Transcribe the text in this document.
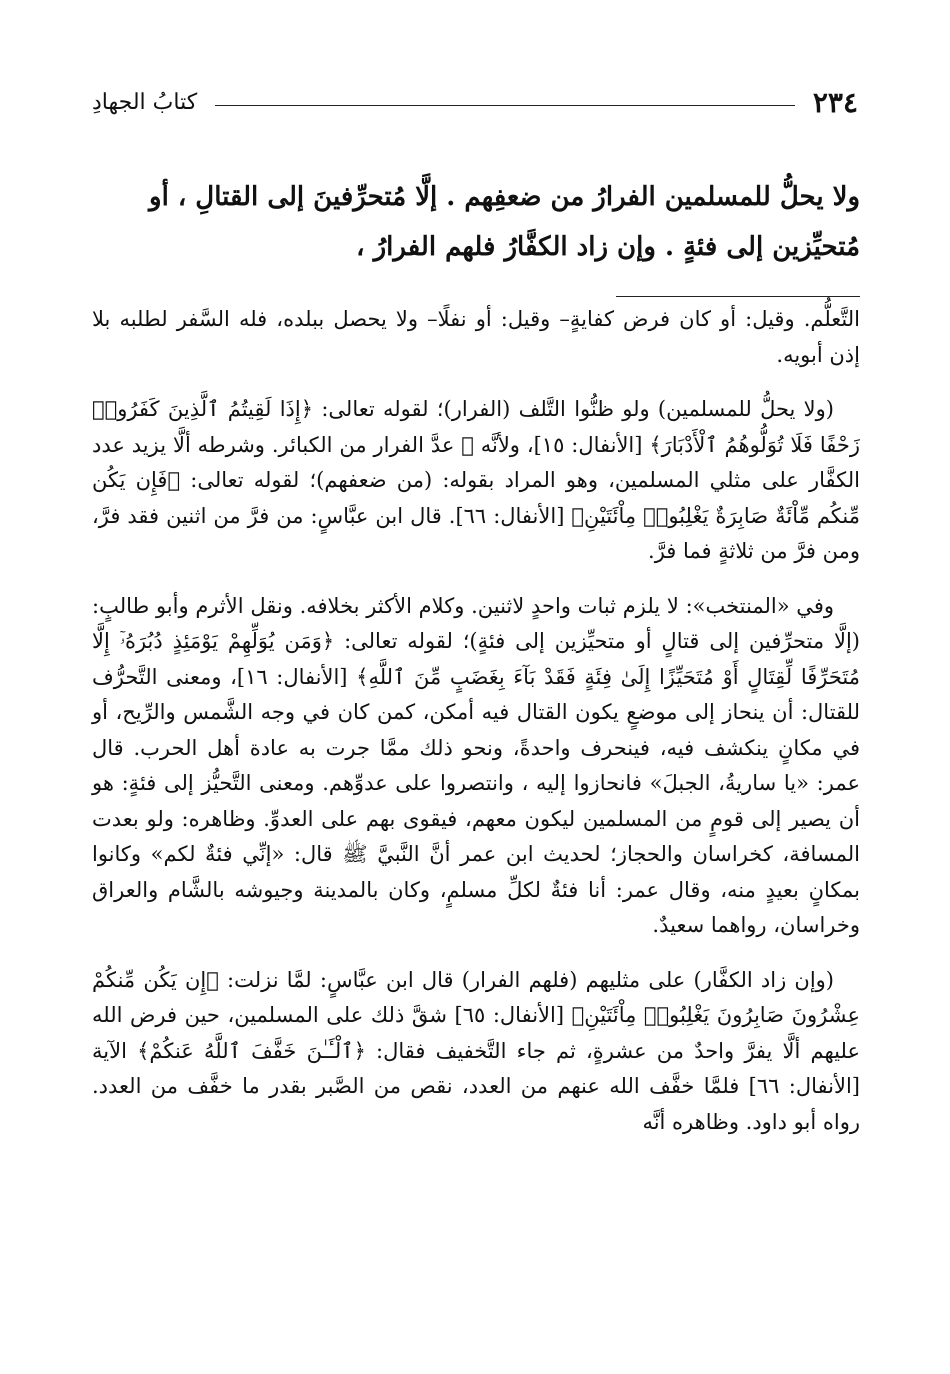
٢٣٤
كتابُ الجهادِ

ولا يحلُّ للمسلمين الفرارُ من ضعفِهم . إلَّا مُتحرِّفينَ إلى القتالِ ، أو

مُتحيِّزين إلى فئةٍ . وإن زاد الكفَّارُ فلهم الفرارُ ،

التَّعلُّم. وقيل: أو كان فرض كفايةٍ– وقيل: أو نفلًا– ولا يحصل ببلده، فله السَّفر لطلبه بلا إذن أبويه.

(ولا يحلُّ للمسلمين) ولو ظنُّوا التَّلف (الفرار)؛ لقوله تعالى: ﴿إِذَا لَقِيتُمُ ٱلَّذِينَ كَفَرُوا۟ زَحْفًا فَلَا تُوَلُّوهُمُ ٱلْأَدْبَارَ﴾ [الأنفال: ١٥]، ولأنَّه ﷺ عدَّ الفرار من الكبائر. وشرطه ألَّا يزيد عدد الكفَّار على مثلي المسلمين، وهو المراد بقوله: (من ضعفهم)؛ لقوله تعالى: ﴿فَإِن يَكُن مِّنكُم مِّاْئَةٌ صَابِرَةٌ يَغْلِبُوا۟ مِاْئَتَيْنِ﴾ [الأنفال: ٦٦]. قال ابن عبَّاسٍ: من فرَّ من اثنين فقد فرَّ، ومن فرَّ من ثلاثةٍ فما فرَّ.

وفي «المنتخب»: لا يلزم ثبات واحدٍ لاثنين. وكلام الأكثر بخلافه. ونقل الأثرم وأبو طالبٍ: (إلَّا متحرِّفين إلى قتالٍ أو متحيِّزين إلى فئةٍ)؛ لقوله تعالى: ﴿وَمَن يُوَلِّهِمْ يَوْمَئِذٍ دُبُرَهُۥٓ إِلَّا مُتَحَرِّفًا لِّقِتَالٍ أَوْ مُتَحَيِّزًا إِلَىٰ فِئَةٍ فَقَدْ بَآءَ بِغَضَبٍ مِّنَ ٱللَّهِ﴾ [الأنفال: ١٦]، ومعنى التَّحرُّف للقتال: أن ينحاز إلى موضعٍ يكون القتال فيه أمكن، كمن كان في وجه الشَّمس والرِّيح، أو في مكانٍ ينكشف فيه، فينحرف واحدةً، ونحو ذلك ممَّا جرت به عادة أهل الحرب. قال عمر: «يا ساريةُ، الجبلَ» فانحازوا إليه ، وانتصروا على عدوِّهم. ومعنى التَّحيُّز إلى فئةٍ: هو أن يصير إلى قومٍ من المسلمين ليكون معهم، فيقوى بهم على العدوِّ. وظاهره: ولو بعدت المسافة، كخراسان والحجاز؛ لحديث ابن عمر أنَّ النَّبيَّ ﷺ قال: «إنِّي فئةٌ لكم» وكانوا بمكانٍ بعيدٍ منه، وقال عمر: أنا فئةٌ لكلِّ مسلمٍ، وكان بالمدينة وجيوشه بالشَّام والعراق وخراسان، رواهما سعيدٌ.

(وإن زاد الكفَّار) على مثليهم (فلهم الفرار) قال ابن عبَّاسٍ: لمَّا نزلت: ﴿إِن يَكُن مِّنكُمْ عِشْرُونَ صَابِرُونَ يَغْلِبُوا۟ مِاْئَتَيْنِ﴾ [الأنفال: ٦٥] شقَّ ذلك على المسلمين، حين فرض الله عليهم ألَّا يفرَّ واحدٌ من عشرةٍ، ثم جاء التَّخفيف فقال: ﴿ٱلْـَٔـٰنَ خَفَّفَ ٱللَّهُ عَنكُمْ﴾ الآية [الأنفال: ٦٦] فلمَّا خفَّف الله عنهم من العدد، نقص من الصَّبر بقدر ما خفَّف من العدد. رواه أبو داود. وظاهره أنَّه
